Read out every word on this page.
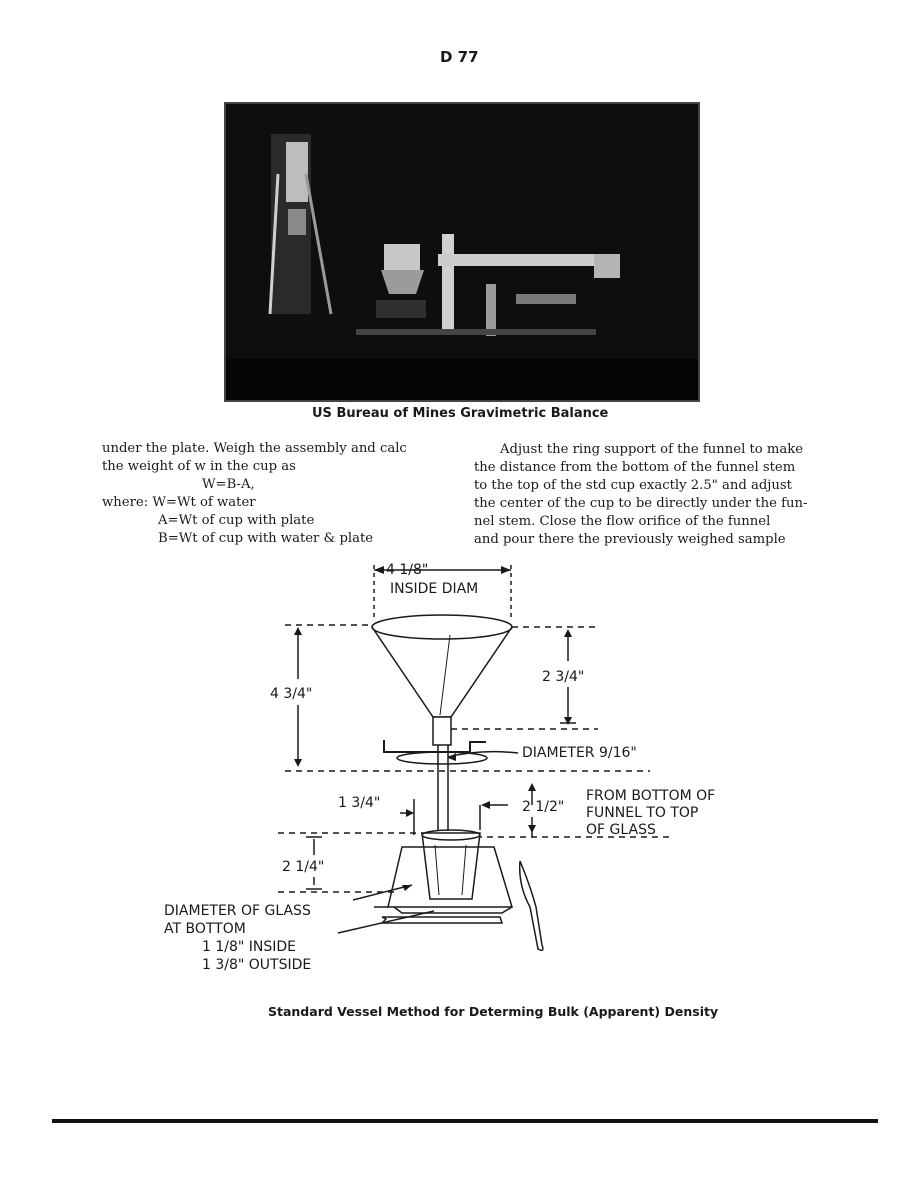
D 77
US Bureau of Mines Gravimetric Balance
under the plate. Weigh the assembly and calc
the weight of w in the cup as
W=B-A,
where: W=Wt of water
A=Wt of cup with plate
B=Wt of cup with water & plate
Adjust the ring support of the funnel to make
the distance from the bottom of the funnel stem
to the top of the std cup exactly 2.5" and adjust
the center of the cup to be directly under the fun-
nel stem. Close the flow orifice of the funnel
and pour there the previously weighed sample
4 1/8"
INSIDE DIAM
4 3/4"
2 3/4"
DIAMETER 9/16"
1 3/4"	2 1/2"
FROM BOTTOM OF
FUNNEL TO TOP
OF GLASS
2 1/4"
DIAMETER OF GLASS
AT BOTTOM
1 1/8" INSIDE
1 3/8" OUTSIDE
Standard Vessel Method for Determing Bulk (Apparent) Density
